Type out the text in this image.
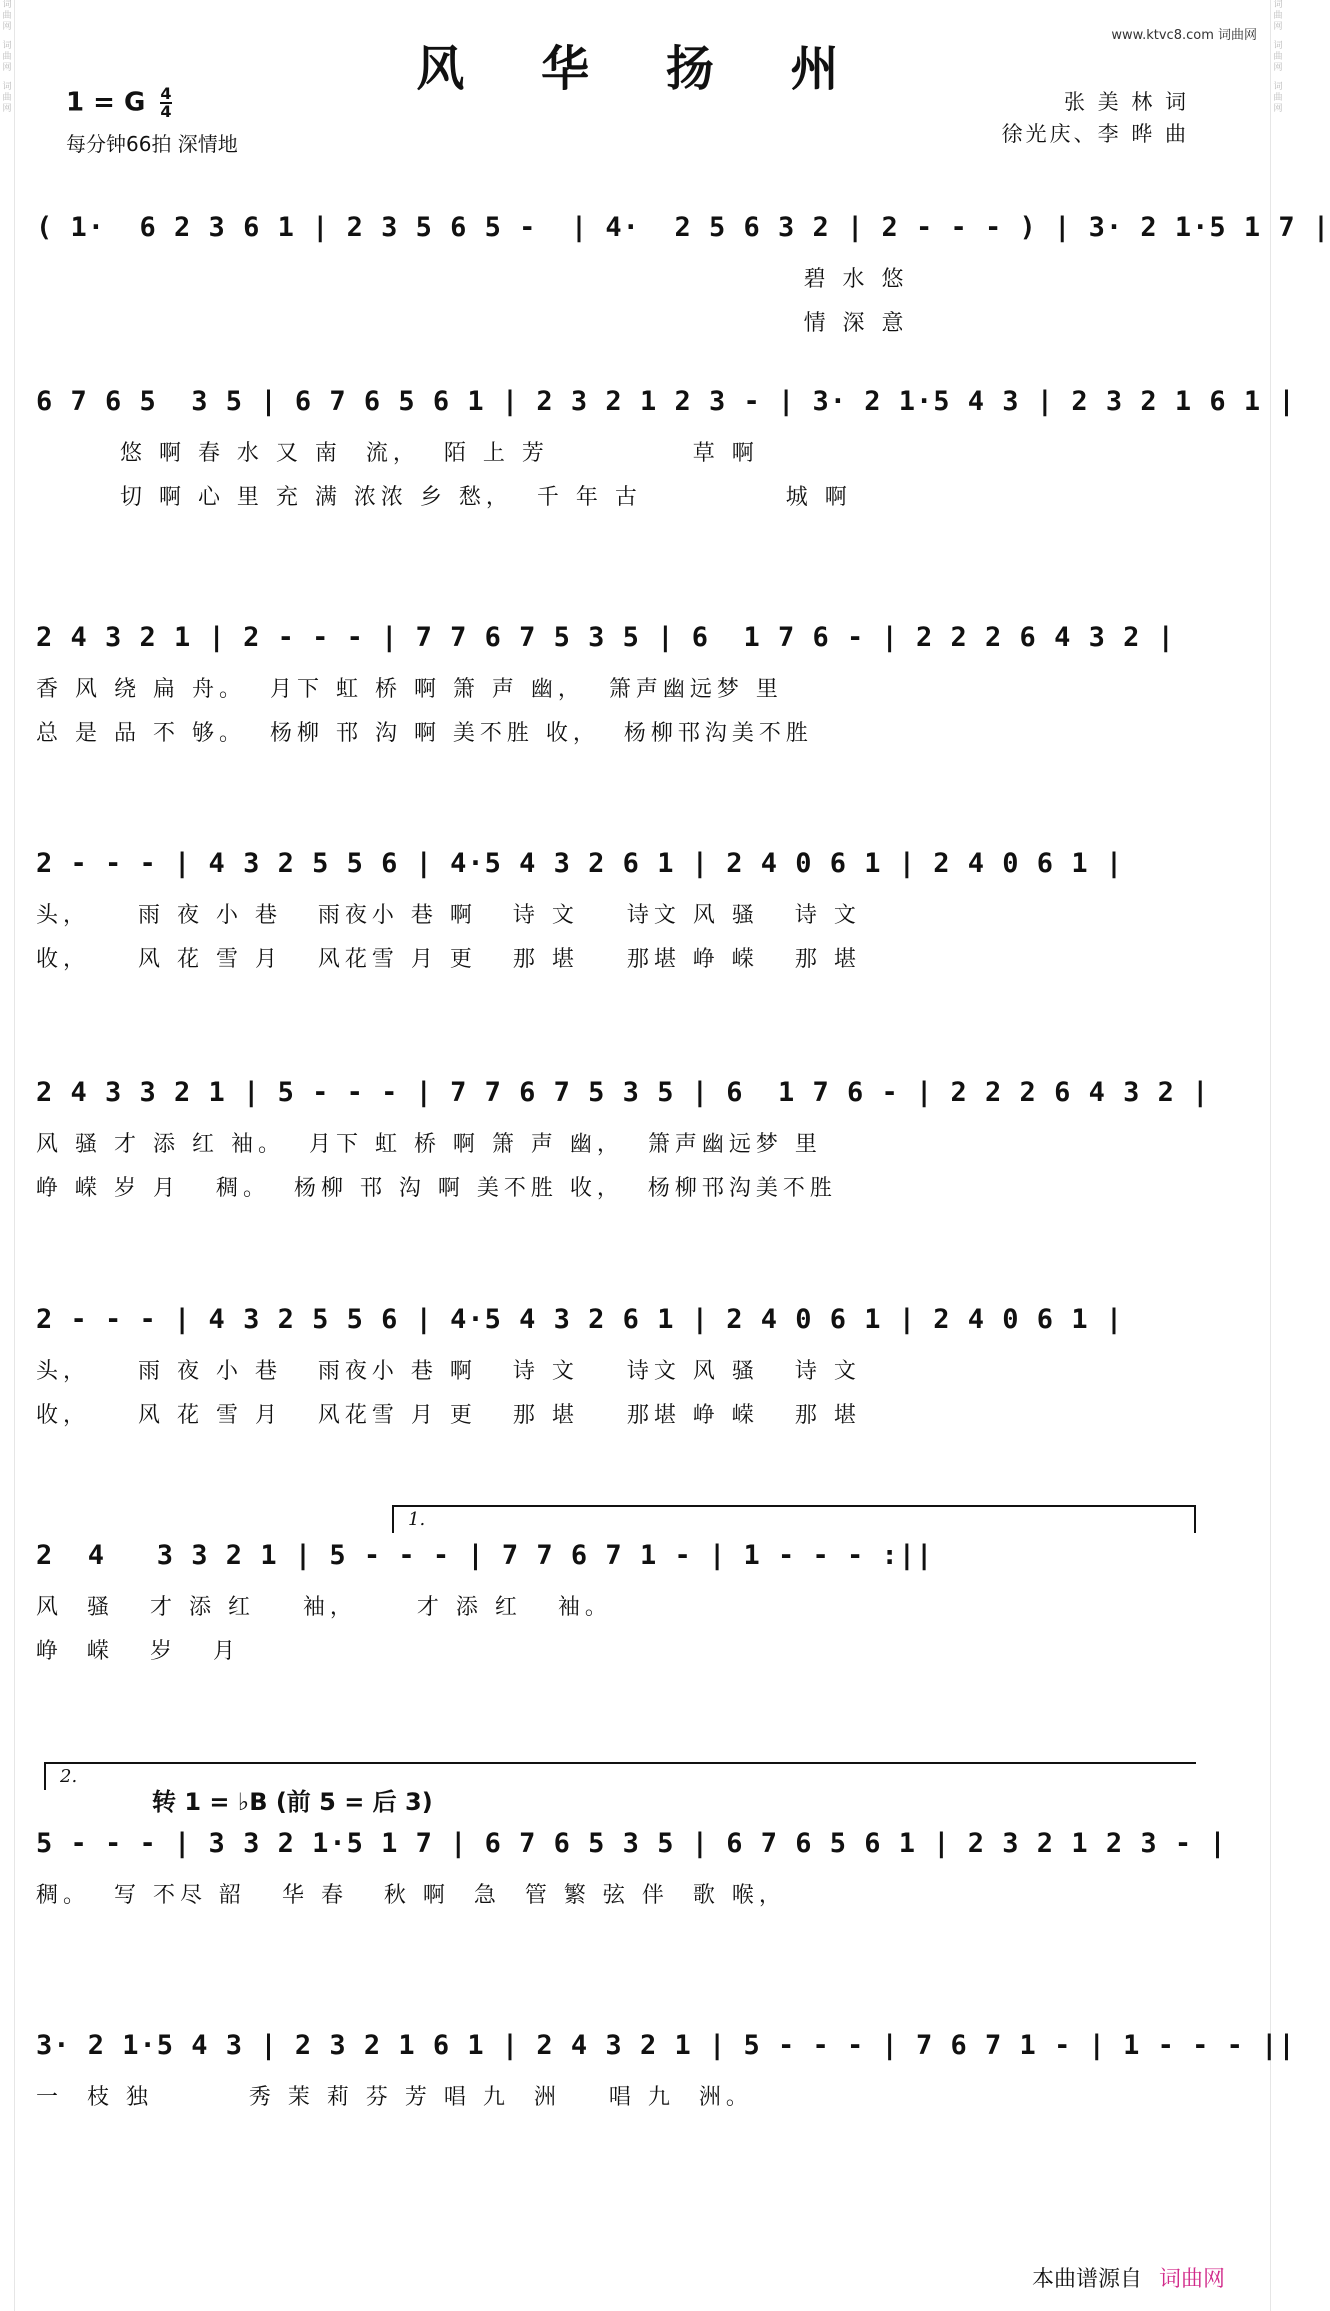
词曲网
词曲网
词曲网
词曲网
词曲网
词曲网
www.ktvc8.com 词曲网
风 华 扬 州
1 = G $\frac{4}{4}$
每分钟66拍 深情地
张 美 林 词
徐光庆、李 晔 曲
( 1·  6 2 3 6 1 | 2 3 5 6 5 -  | 4·  2 5 6 3 2 | 2 - - - ) | 3· 2 1·5 1 7 |
碧 水 悠
情 深 意
6 7 6 5  3 5 | 6 7 6 5 6 1 | 2 3 2 1 2 3 - | 3· 2 1·5 4 3 | 2 3 2 1 6 1 |
悠 啊 春 水 又 南  流，  陌 上 芳            草 啊
切 啊 心 里 充 满 浓浓 乡 愁，  千 年 古            城 啊
2 4 3 2 1 | 2 - - - | 7 7 6 7 5 3 5 | 6  1 7 6 - | 2 2 2 6 4 3 2 |
香 风 绕 扁 舟。  月下 虹 桥 啊 箫 声 幽，  箫声幽远梦 里
总 是 品 不 够。  杨柳 邗 沟 啊 美不胜 收，  杨柳邗沟美不胜
2 - - - | 4 3 2 5 5 6 | 4·5 4 3 2 6 1 | 2 4 0 6 1 | 2 4 0 6 1 |
头，    雨 夜 小 巷   雨夜小 巷 啊   诗 文    诗文 风 骚   诗 文
收，    风 花 雪 月   风花雪 月 更   那 堪    那堪 峥 嵘   那 堪
2 4 3 3 2 1 | 5 - - - | 7 7 6 7 5 3 5 | 6  1 7 6 - | 2 2 2 6 4 3 2 |
风 骚 才 添 红 袖。  月下 虹 桥 啊 箫 声 幽，  箫声幽远梦 里
峥 嵘 岁 月   稠。  杨柳 邗 沟 啊 美不胜 收，  杨柳邗沟美不胜
2 - - - | 4 3 2 5 5 6 | 4·5 4 3 2 6 1 | 2 4 0 6 1 | 2 4 0 6 1 |
头，    雨 夜 小 巷   雨夜小 巷 啊   诗 文    诗文 风 骚   诗 文
收，    风 花 雪 月   风花雪 月 更   那 堪    那堪 峥 嵘   那 堪
1.
2  4   3 3 2 1 | 5 - - - | 7 7 6 7 1 - | 1 - - - :||
风  骚   才 添 红    袖，     才 添 红   袖。
峥  嵘   岁   月
2.
转 1 = ♭B (前 5 = 后 3)
5 - - - | 3 3 2 1·5 1 7 | 6 7 6 5 3 5 | 6 7 6 5 6 1 | 2 3 2 1 2 3 - |
稠。  写 不尽 韶   华 春   秋 啊  急  管 繁 弦 伴  歌 喉，
3· 2 1·5 4 3 | 2 3 2 1 6 1 | 2 4 3 2 1 | 5 - - - | 7 6 7 1 - | 1 - - - ||
一  枝 独        秀 茉 莉 芬 芳 唱 九  洲    唱 九  洲。
本曲谱源自 词曲网
